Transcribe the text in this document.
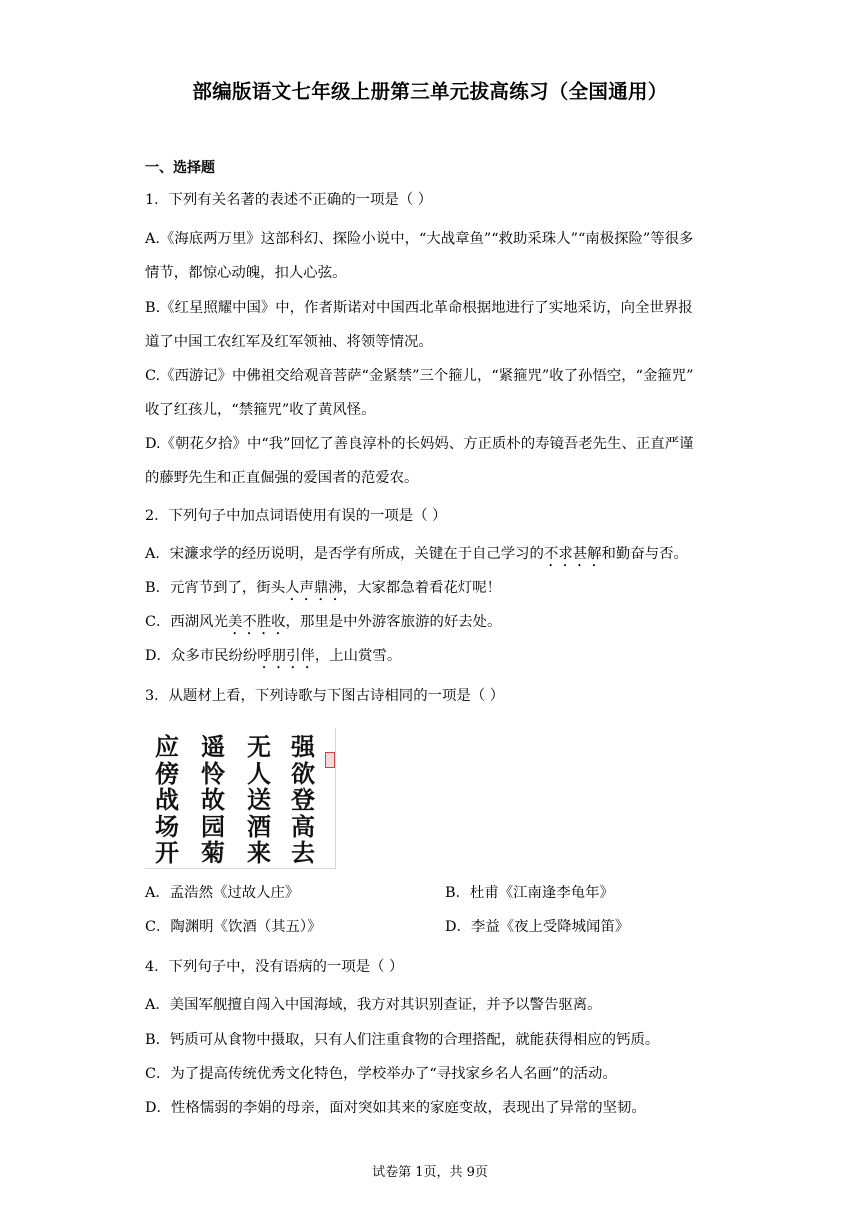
部编版语文七年级上册第三单元拔高练习（全国通用）
一、选择题
1．下列有关名著的表述不正确的一项是（ ）
A.《海底两万里》这部科幻、探险小说中，“大战章鱼”“救助采珠人”“南极探险”等很多
情节，都惊心动魄，扣人心弦。
B.《红星照耀中国》中，作者斯诺对中国西北革命根据地进行了实地采访，向全世界报
道了中国工农红军及红军领袖、将领等情况。
C.《西游记》中佛祖交给观音菩萨“金紧禁”三个箍儿，“紧箍咒”收了孙悟空，“金箍咒”
收了红孩儿，“禁箍咒”收了黄风怪。
D.《朝花夕拾》中“我”回忆了善良淳朴的长妈妈、方正质朴的寿镜吾老先生、正直严谨
的藤野先生和正直倔强的爱国者的范爱农。
2．下列句子中加点词语使用有误的一项是（ ）
A．宋濂求学的经历说明，是否学有所成，关键在于自己学习的不求甚解和勤奋与否。
B．元宵节到了，街头人声鼎沸，大家都急着看花灯呢！
C．西湖风光美不胜收，那里是中外游客旅游的好去处。
D．众多市民纷纷呼朋引伴，上山赏雪。
3．从题材上看，下列诗歌与下图古诗相同的一项是（ ）
应傍战场开
遥怜故园菊
无人送酒来
强欲登高去
A．孟浩然《过故人庄》	B．杜甫《江南逢李龟年》
C．陶渊明《饮酒（其五）》	D．李益《夜上受降城闻笛》
4．下列句子中，没有语病的一项是（ ）
A．美国军舰擅自闯入中国海域，我方对其识别查证，并予以警告驱离。
B．钙质可从食物中摄取，只有人们注重食物的合理搭配，就能获得相应的钙质。
C．为了提高传统优秀文化特色，学校举办了“寻找家乡名人名画”的活动。
D．性格懦弱的李娟的母亲，面对突如其来的家庭变故，表现出了异常的坚韧。
试卷第 1页，共 9页
